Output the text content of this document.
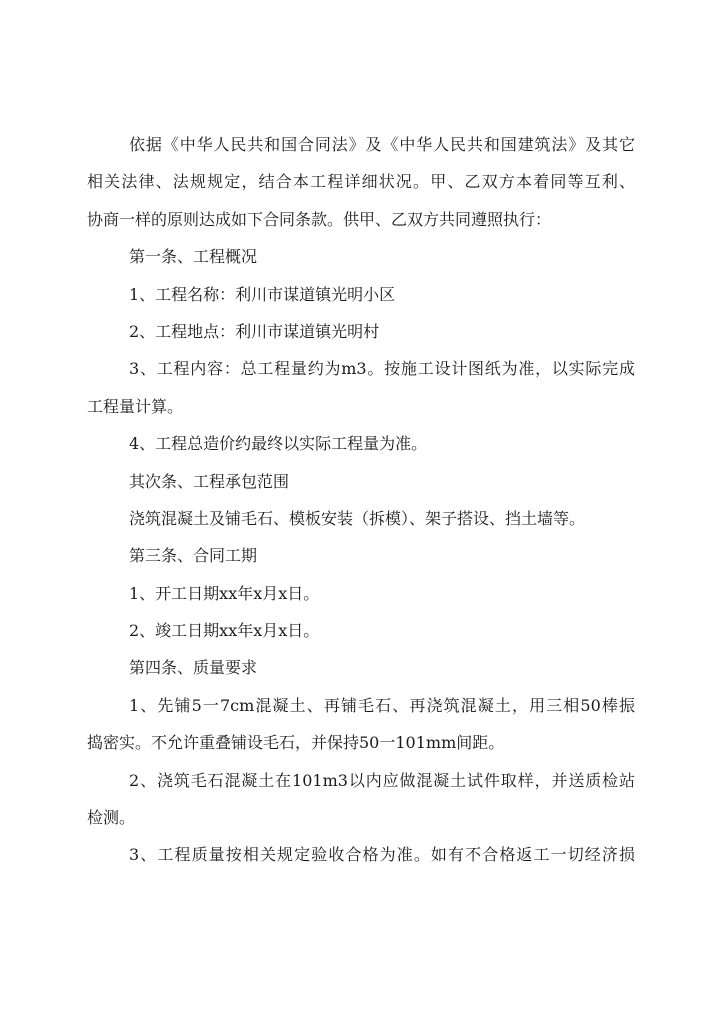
依据《中华人民共和国合同法》及《中华人民共和国建筑法》及其它
相关法律、法规规定，结合本工程详细状况。甲、乙双方本着同等互利、
协商一样的原则达成如下合同条款。供甲、乙双方共同遵照执行：
第一条、工程概况
1、工程名称：利川市谋道镇光明小区
2、工程地点：利川市谋道镇光明村
3、工程内容：总工程量约为m3。按施工设计图纸为准，以实际完成
工程量计算。
4、工程总造价约最终以实际工程量为准。
其次条、工程承包范围
浇筑混凝土及铺毛石、模板安装（拆模）、架子搭设、挡土墙等。
第三条、合同工期
1、开工日期xx年x月x日。
2、竣工日期xx年x月x日。
第四条、质量要求
1、先铺5一7cm混凝土、再铺毛石、再浇筑混凝土，用三相50棒振
捣密实。不允许重叠铺设毛石，并保持50一101mm间距。
2、浇筑毛石混凝土在101m3以内应做混凝土试件取样，并送质检站
检测。
3、工程质量按相关规定验收合格为准。如有不合格返工一切经济损
